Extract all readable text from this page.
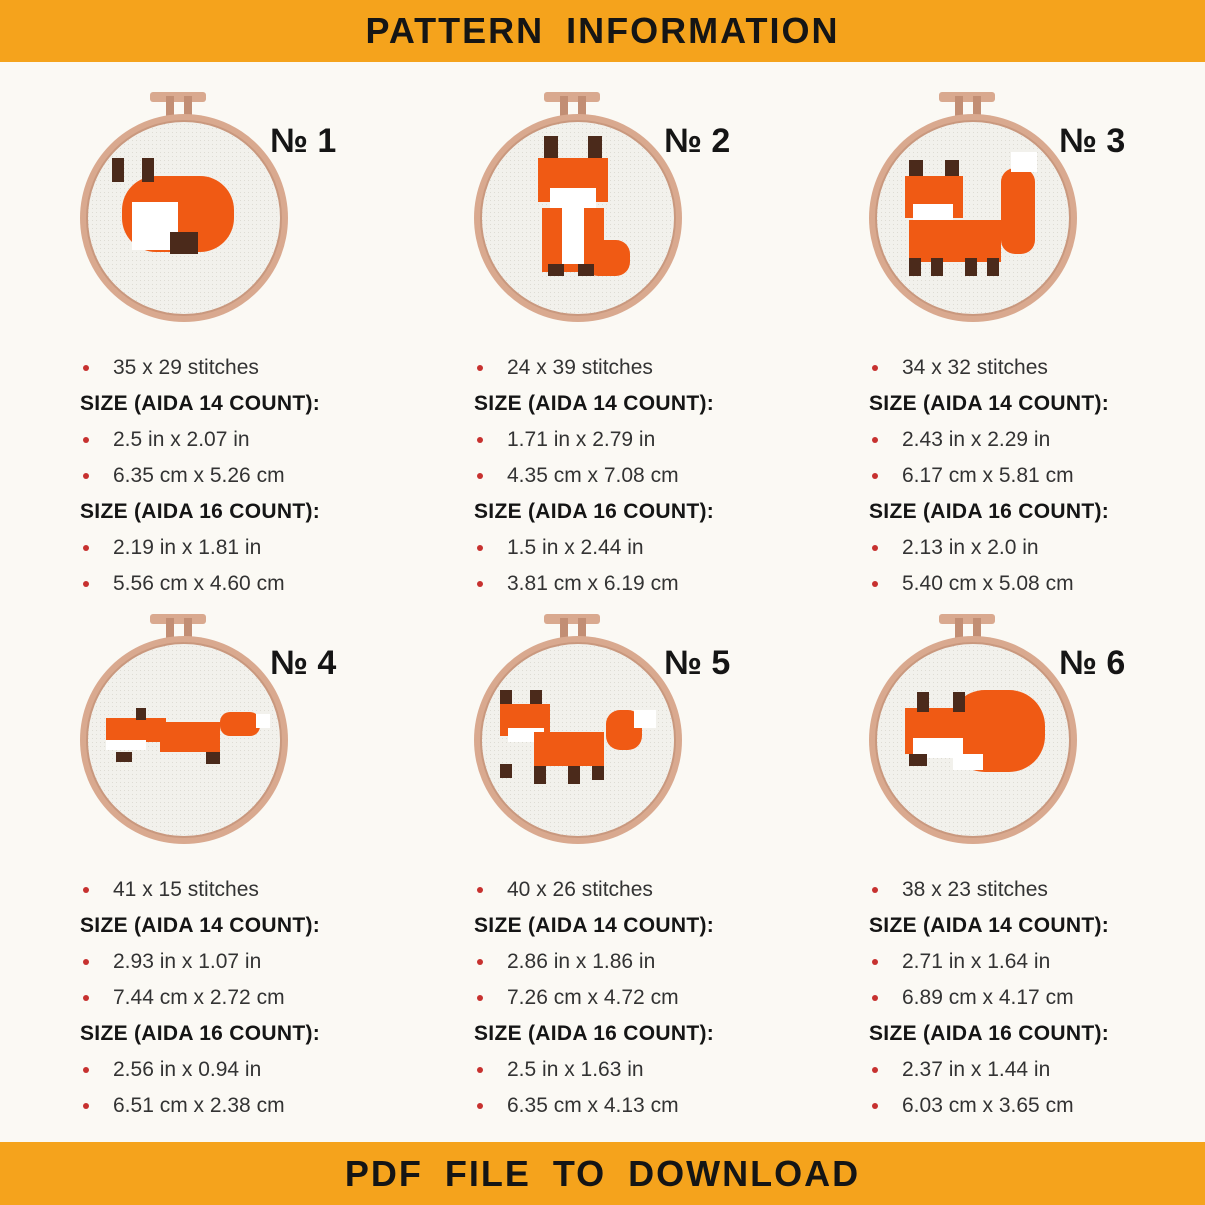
PATTERN INFORMATION
№ 1
35 x 29 stitches
SIZE (AIDA 14 COUNT):
2.5 in x 2.07 in
6.35 cm x 5.26 cm
SIZE (AIDA 16 COUNT):
2.19 in x 1.81 in
5.56 cm x 4.60 cm
№ 2
24 x 39 stitches
SIZE (AIDA 14 COUNT):
1.71 in x 2.79 in
4.35 cm x 7.08 cm
SIZE (AIDA 16 COUNT):
1.5 in x 2.44 in
3.81 cm x 6.19 cm
№ 3
34 x 32 stitches
SIZE (AIDA 14 COUNT):
2.43 in x 2.29 in
6.17 cm x 5.81 cm
SIZE (AIDA 16 COUNT):
2.13 in x 2.0 in
5.40 cm x 5.08 cm
№ 4
41 x 15 stitches
SIZE (AIDA 14 COUNT):
2.93 in x 1.07 in
7.44 cm x 2.72 cm
SIZE (AIDA 16 COUNT):
2.56 in x 0.94 in
6.51 cm x 2.38 cm
№ 5
40 x 26 stitches
SIZE (AIDA 14 COUNT):
2.86 in x 1.86 in
7.26 cm x 4.72 cm
SIZE (AIDA 16 COUNT):
2.5 in x 1.63 in
6.35 cm x 4.13 cm
№ 6
38 x 23 stitches
SIZE (AIDA 14 COUNT):
2.71 in x 1.64 in
6.89 cm x 4.17 cm
SIZE (AIDA 16 COUNT):
2.37 in x 1.44 in
6.03 cm x 3.65 cm
PDF FILE TO DOWNLOAD
